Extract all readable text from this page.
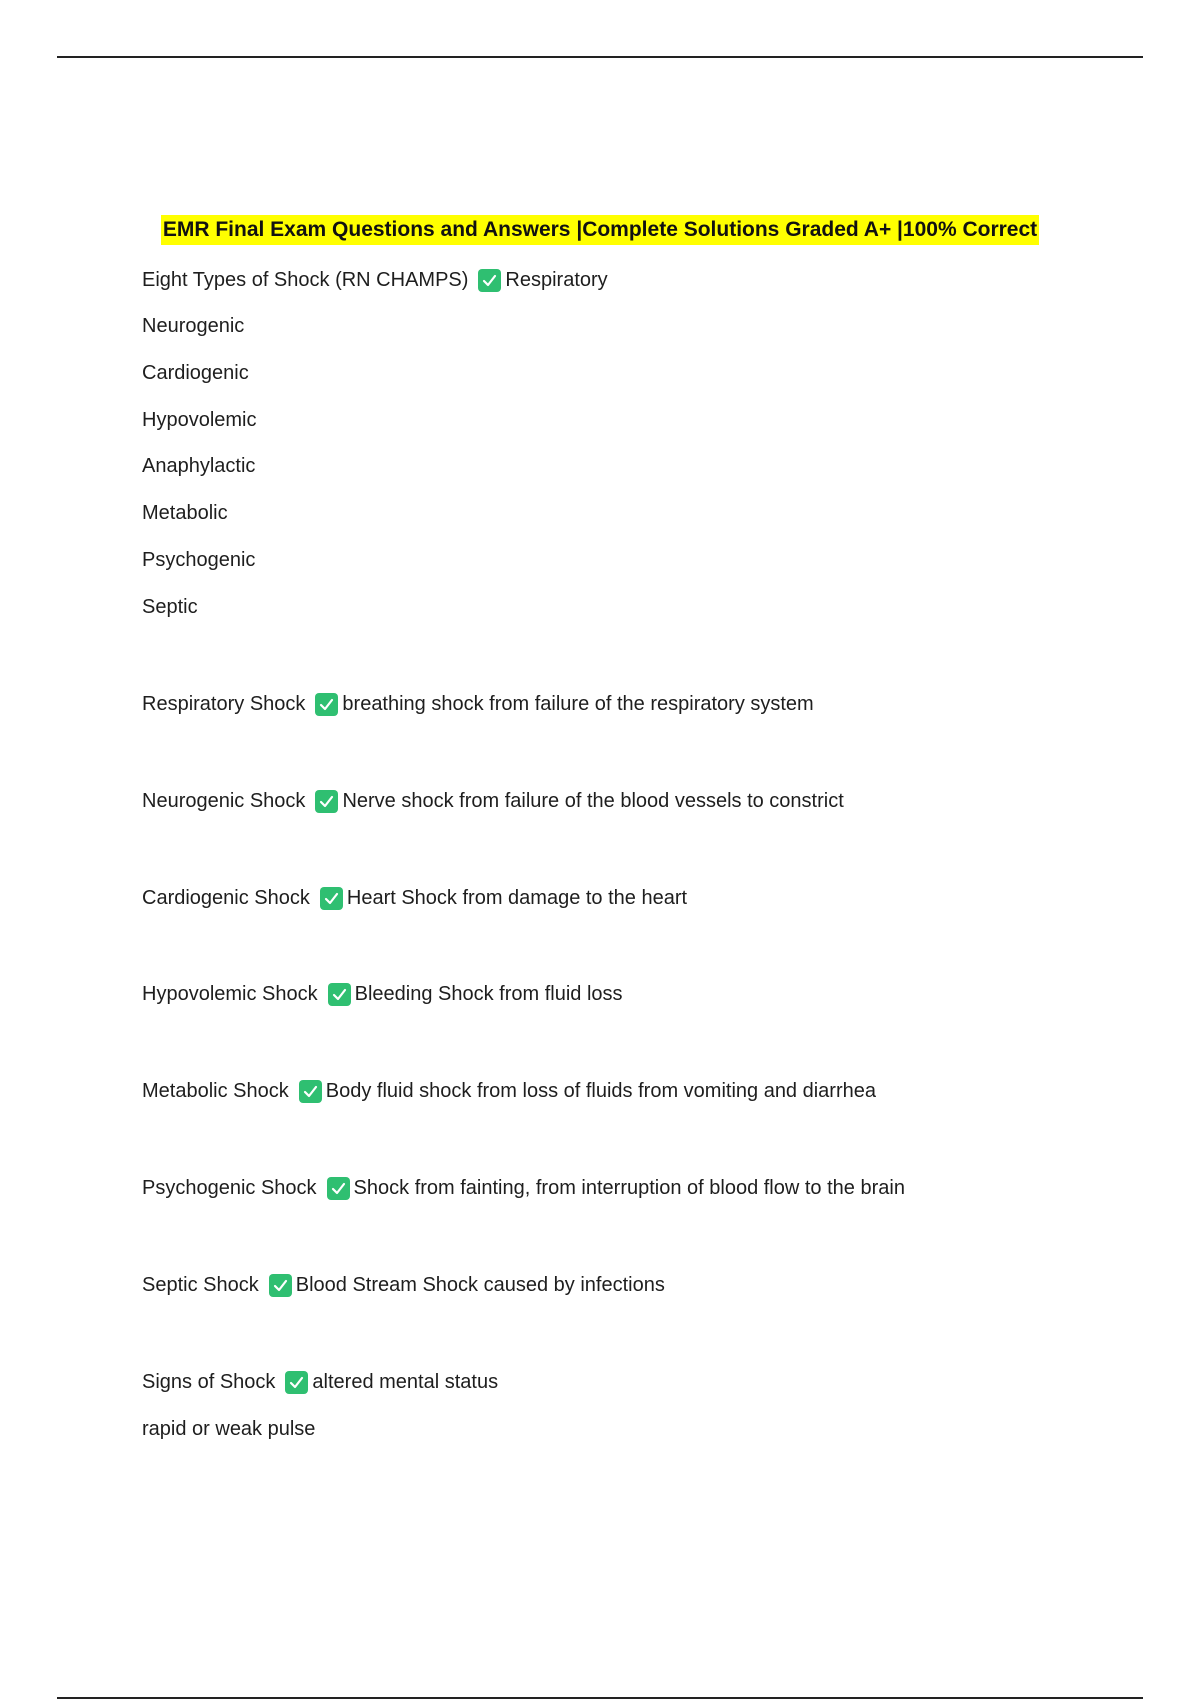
EMR Final Exam Questions and Answers |Complete Solutions Graded A+ |100% Correct
Eight Types of Shock (RN CHAMPS) Respiratory
Neurogenic
Cardiogenic
Hypovolemic
Anaphylactic
Metabolic
Psychogenic
Septic
Respiratory Shock breathing shock from failure of the respiratory system
Neurogenic Shock Nerve shock from failure of the blood vessels to constrict
Cardiogenic Shock Heart Shock from damage to the heart
Hypovolemic Shock Bleeding Shock from fluid loss
Metabolic Shock Body fluid shock from loss of fluids from vomiting and diarrhea
Psychogenic Shock Shock from fainting, from interruption of blood flow to the brain
Septic Shock Blood Stream Shock caused by infections
Signs of Shock altered mental status
rapid or weak pulse
